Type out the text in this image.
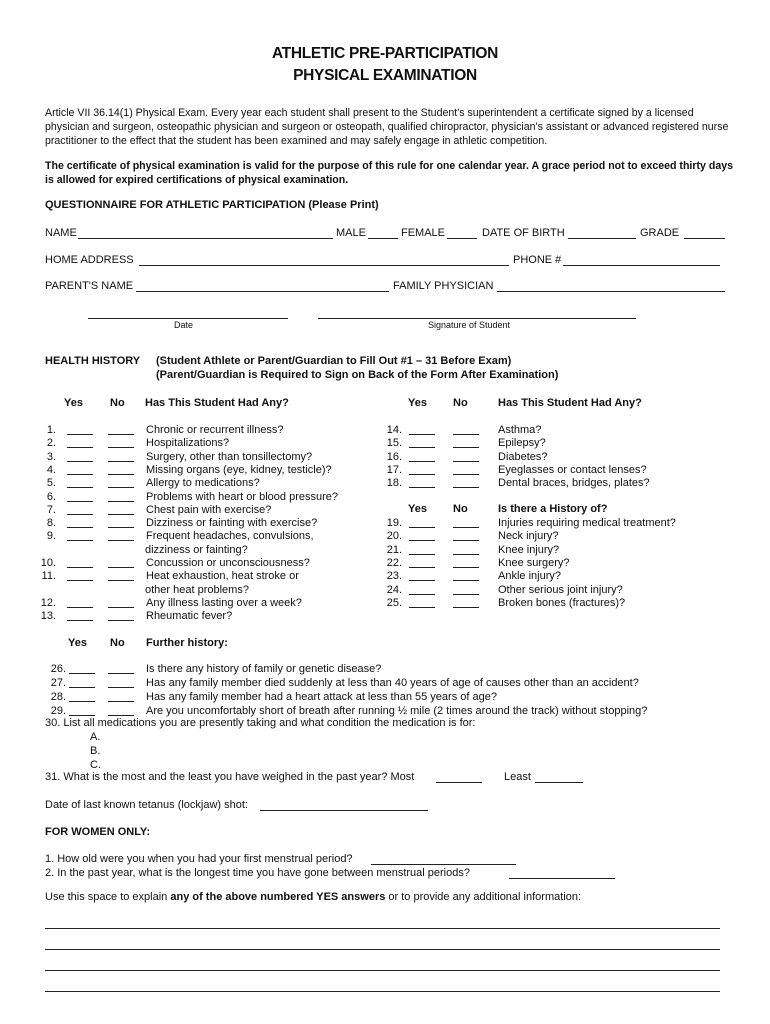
ATHLETIC PRE-PARTICIPATION
PHYSICAL EXAMINATION
Article VII 36.14(1) Physical Exam. Every year each student shall present to the Student's superintendent a certificate signed by a licensed physician and surgeon, osteopathic physician and surgeon or osteopath, qualified chiropractor, physician's assistant or advanced registered nurse practitioner to the effect that the student has been examined and may safely engage in athletic competition.
The certificate of physical examination is valid for the purpose of this rule for one calendar year. A grace period not to exceed thirty days is allowed for expired certifications of physical examination.
QUESTIONNAIRE FOR ATHLETIC PARTICIPATION (Please Print)
NAME	MALE	FEMALE	DATE OF BIRTH	GRADE
HOME ADDRESS	PHONE #
PARENT'S NAME	FAMILY PHYSICIAN
Date	Signature of Student
HEALTH HISTORY (Student Athlete or Parent/Guardian to Fill Out #1 – 31 Before Exam)
(Parent/Guardian is Required to Sign on Back of the Form After Examination)
Yes No Has This Student Had Any?	Yes No	Has This Student Had Any?
1.	Chronic or recurrent illness?
2.	Hospitalizations?
3.	Surgery, other than tonsillectomy?
4.	Missing organs (eye, kidney, testicle)?
5.	Allergy to medications?
6.	Problems with heart or blood pressure?
7.	Chest pain with exercise?
8.	Dizziness or fainting with exercise?
9.	Frequent headaches, convulsions,
dizziness or fainting?
10.	Concussion or unconsciousness?
11.	Heat exhaustion, heat stroke or
other heat problems?
12.	Any illness lasting over a week?
13.	Rheumatic fever?
14.	Asthma?
15.	Epilepsy?
16.	Diabetes?
17.	Eyeglasses or contact lenses?
18.	Dental braces, bridges, plates?
Yes No	Is there a History of?
19.	Injuries requiring medical treatment?
20.	Neck injury?
21.	Knee injury?
22.	Knee surgery?
23.	Ankle injury?
24.	Other serious joint injury?
25.	Broken bones (fractures)?
Yes No Further history:
26.	Is there any history of family or genetic disease?
27.	Has any family member died suddenly at less than 40 years of age of causes other than an accident?
28.	Has any family member had a heart attack at less than 55 years of age?
29.	Are you uncomfortably short of breath after running ½ mile (2 times around the track) without stopping?
30. List all medications you are presently taking and what condition the medication is for:
A.
B.
C.
31. What is the most and the least you have weighed in the past year? Most	Least
Date of last known tetanus (lockjaw) shot:
FOR WOMEN ONLY:
1. How old were you when you had your first menstrual period?
2. In the past year, what is the longest time you have gone between menstrual periods?
Use this space to explain any of the above numbered YES answers or to provide any additional information:
